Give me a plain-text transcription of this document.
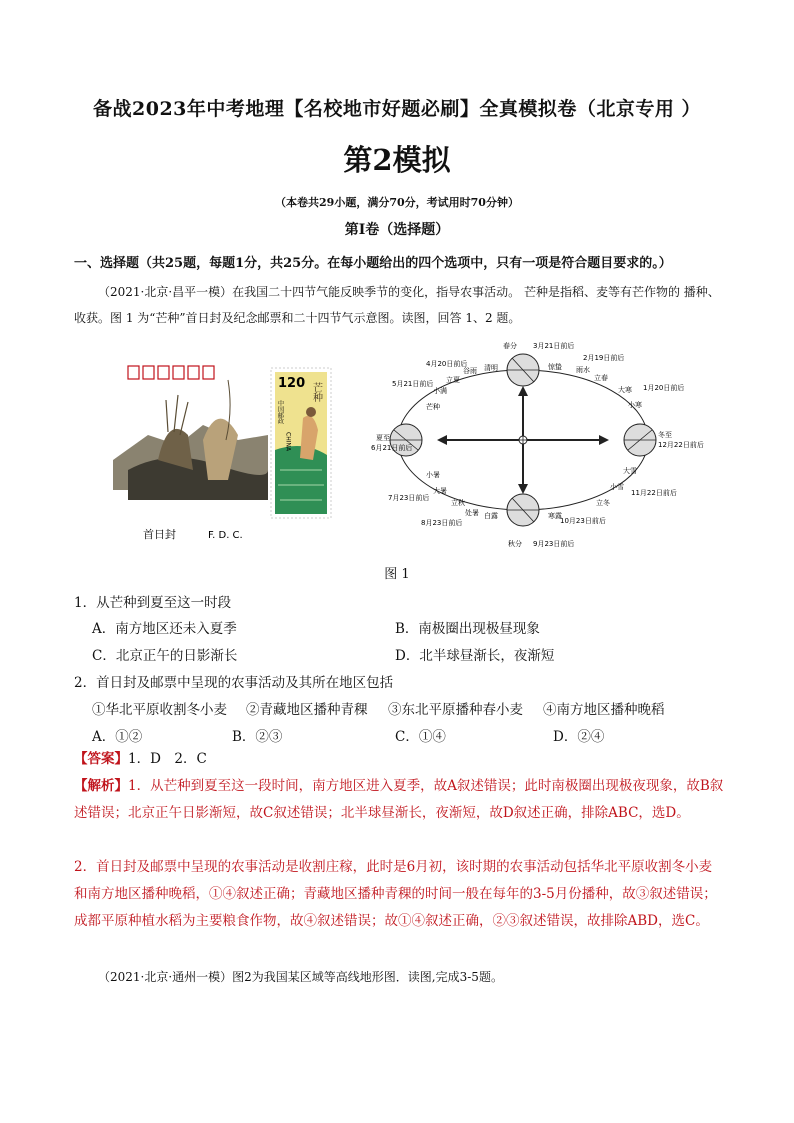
备战2023年中考地理【名校地市好题必刷】全真模拟卷（北京专用 ）
第2模拟
（本卷共29小题，满分70分，考试用时70分钟）
第Ⅰ卷（选择题）
一、选择题（共25题，每题1分，共25分。在每小题给出的四个选项中，只有一项是符合题目要求的。）
（2021·北京·昌平一模）在我国二十四节气能反映季节的变化，指导农事活动。 芒种是指稻、麦等有芒作物的 播种、收获。图 1 为“芒种”首日封及纪念邮票和二十四节气示意图。读图，回答 1、2 题。
首日封	F. D. C.
120
中国邮政
CHINA
芒种
春分 3月21日前后
清明
谷雨
4月20日前后
立夏
5月21日前后
小满
芒种
夏至
6月21日前后
小暑
大暑
7月23日前后
立秋
处暑
8月23日前后
白露
秋分 9月23日前后
寒露
10月23日前后
立冬
小雪
11月22日前后
大雪
冬至
12月22日前后
小寒
大寒 1月20日前后
立春
雨水
2月19日前后
惊蛰
图 1
1．从芒种到夏至这一时段
A．南方地区还未入夏季	B．南极圈出现极昼现象
C．北京正午的日影渐长	D．北半球昼渐长，夜渐短
2．首日封及邮票中呈现的农事活动及其所在地区包括
①华北平原收割冬小麦 ②青藏地区播种青稞 ③东北平原播种春小麦 ④南方地区播种晚稻
A．①②	B．②③	C．①④	D．②④
【答案】1．D　2．C
【解析】1．从芒种到夏至这一段时间，南方地区进入夏季，故A叙述错误；此时南极圈出现极夜现象，故B叙述错误；北京正午日影渐短，故C叙述错误；北半球昼渐长，夜渐短，故D叙述正确，排除ABC，选D。
2．首日封及邮票中呈现的农事活动是收割庄稼，此时是6月初，该时期的农事活动包括华北平原收割冬小麦和南方地区播种晚稻，①④叙述正确；青藏地区播种青稞的时间一般在每年的3-5月份播种，故③叙述错误；成都平原种植水稻为主要粮食作物，故④叙述错误；故①④叙述正确，②③叙述错误，故排除ABD，选C。
（2021·北京·通州一模）图2为我国某区域等高线地形图．读图,完成3-5题。
